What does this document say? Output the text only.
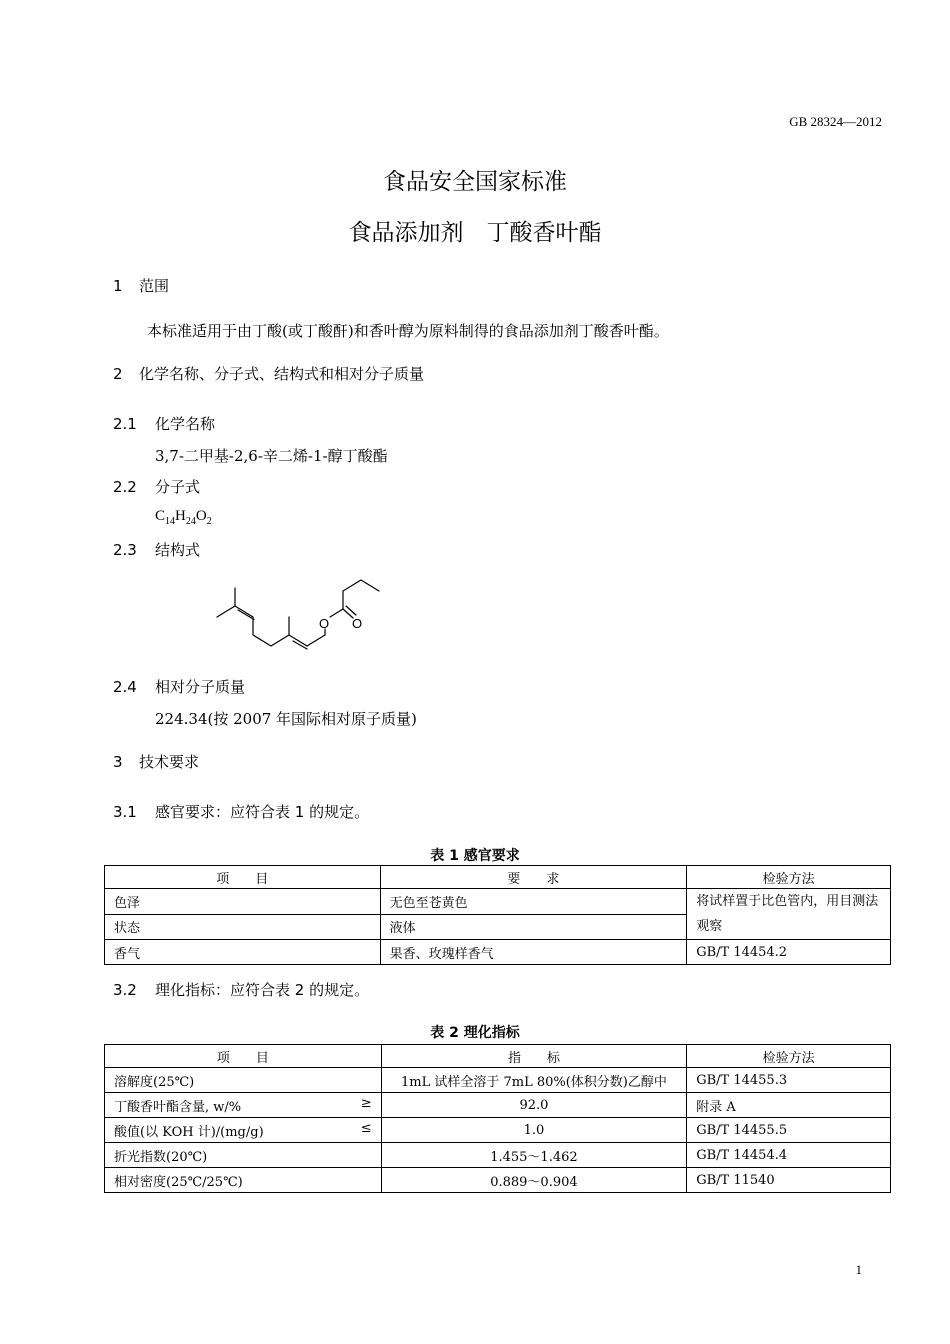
GB 28324—2012
食品安全国家标准
食品添加剂　丁酸香叶酯
1 范围
本标准适用于由丁酸(或丁酸酐)和香叶醇为原料制得的食品添加剂丁酸香叶酯。
2 化学名称、分子式、结构式和相对分子质量
2.1 化学名称
3,7-二甲基-2,6-辛二烯-1-醇丁酸酯
2.2 分子式
$C_{14}H_{24}O_2$
2.3 结构式
O O
2.4 相对分子质量
224.34(按 2007 年国际相对原子质量)
3 技术要求
3.1 感官要求：应符合表 1 的规定。
表 1 感官要求
项　　目	要　　求	检验方法
色泽	无色至苍黄色	将试样置于比色管内，用目测法观察
状态	液体	
香气	果香、玫瑰样香气	GB/T 14454.2
3.2 理化指标：应符合表 2 的规定。
表 2 理化指标
项　　目	指　　标	检验方法
溶解度(25℃)	1mL 试样全溶于 7mL 80%(体积分数)乙醇中	GB/T 14455.3
丁酸香叶酯含量, w/% ≥	92.0	附录 A
酸值(以 KOH 计)/(mg/g) ≤	1.0	GB/T 14455.5
折光指数(20℃)	1.455～1.462	GB/T 14454.4
相对密度(25℃/25℃)	0.889～0.904	GB/T 11540
1
